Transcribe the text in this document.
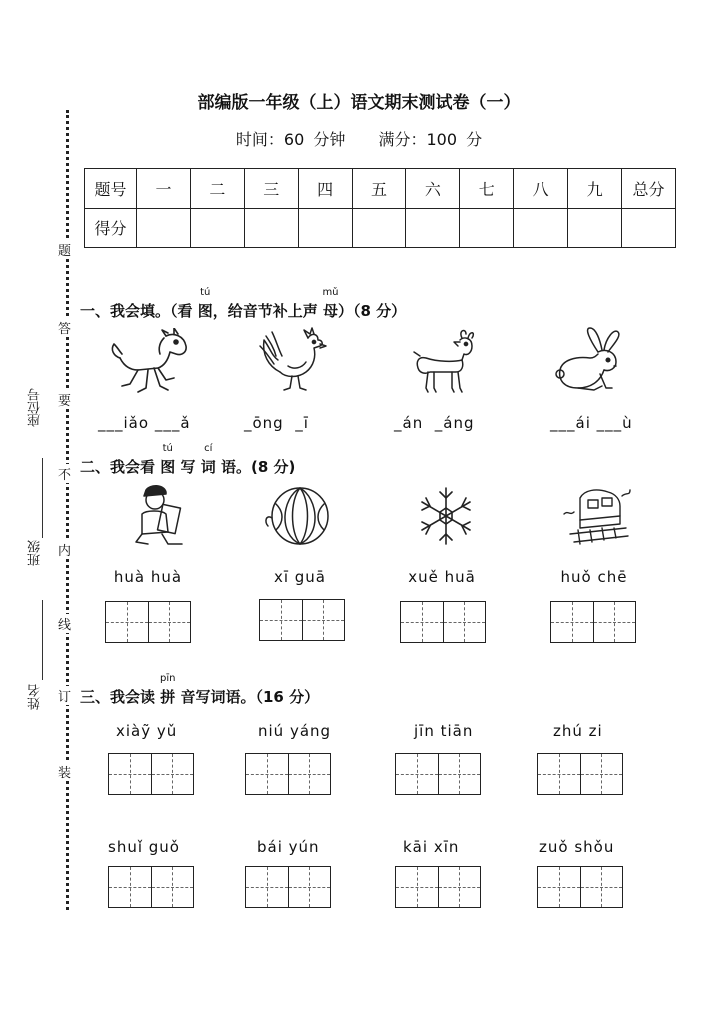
部编版一年级（上）语文期末测试卷（一）
时间：60 分钟 满分：100 分
题号	一	二	三	四	五	六	七	八	九	总分
得分										
座位号
班级
姓名
题
答
要
不
内
线
订
装
一、我会填。（看
tú
图，给音节补上声
mǔ
母）（8 分）
___iǎo ___ǎ	_ōng _ī	_án _áng	___ái ___ù
二、我会看
tú
图 写
cí
词 语。(8 分)
huà huà	xī guā	xuě huā	huǒ chē
三、我会读
pīn
拼 音写词语。（16 分）
xiàỹ yǔ	niú yáng	jīn tiān	zhú zi
shuǐ guǒ	bái yún	kāi xīn	zuǒ shǒu
